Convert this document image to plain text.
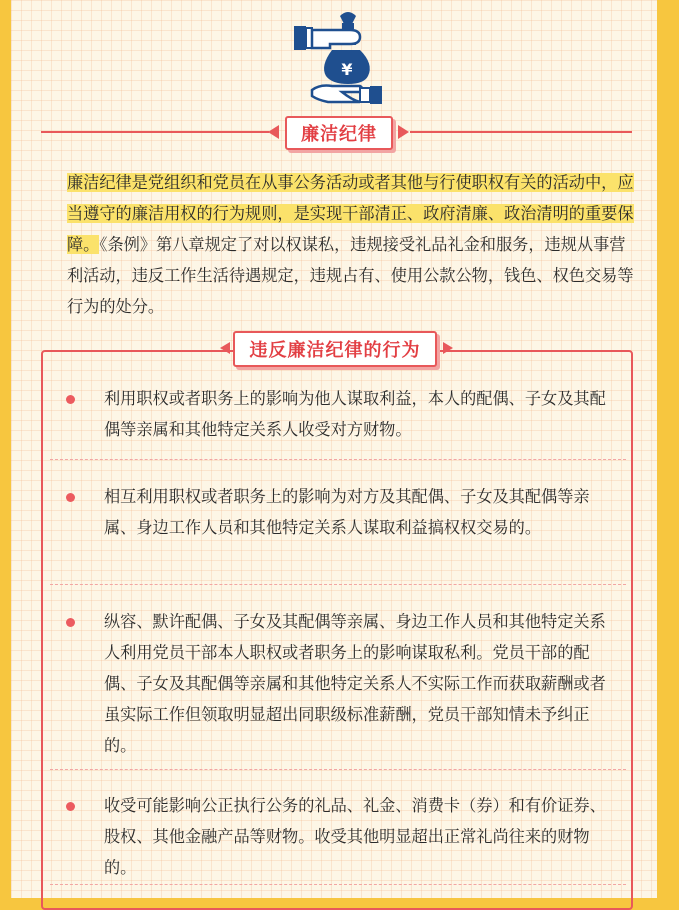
¥
廉洁纪律

廉洁纪律是党组织和党员在从事公务活动或者其他与行使职权有关的活动中，应当遵守的廉洁用权的行为规则，是实现干部清正、政府清廉、政治清明的重要保障。《条例》第八章规定了对以权谋私，违规接受礼品礼金和服务，违规从事营利活动，违反工作生活待遇规定，违规占有、使用公款公物，钱色、权色交易等行为的处分。

违反廉洁纪律的行为

利用职权或者职务上的影响为他人谋取利益，本人的配偶、子女及其配偶等亲属和其他特定关系人收受对方财物。

相互利用职权或者职务上的影响为对方及其配偶、子女及其配偶等亲属、身边工作人员和其他特定关系人谋取利益搞权权交易的。

纵容、默许配偶、子女及其配偶等亲属、身边工作人员和其他特定关系人利用党员干部本人职权或者职务上的影响谋取私利。党员干部的配偶、子女及其配偶等亲属和其他特定关系人不实际工作而获取薪酬或者虽实际工作但领取明显超出同职级标准薪酬，党员干部知情未予纠正的。

收受可能影响公正执行公务的礼品、礼金、消费卡（券）和有价证券、股权、其他金融产品等财物。收受其他明显超出正常礼尚往来的财物的。
